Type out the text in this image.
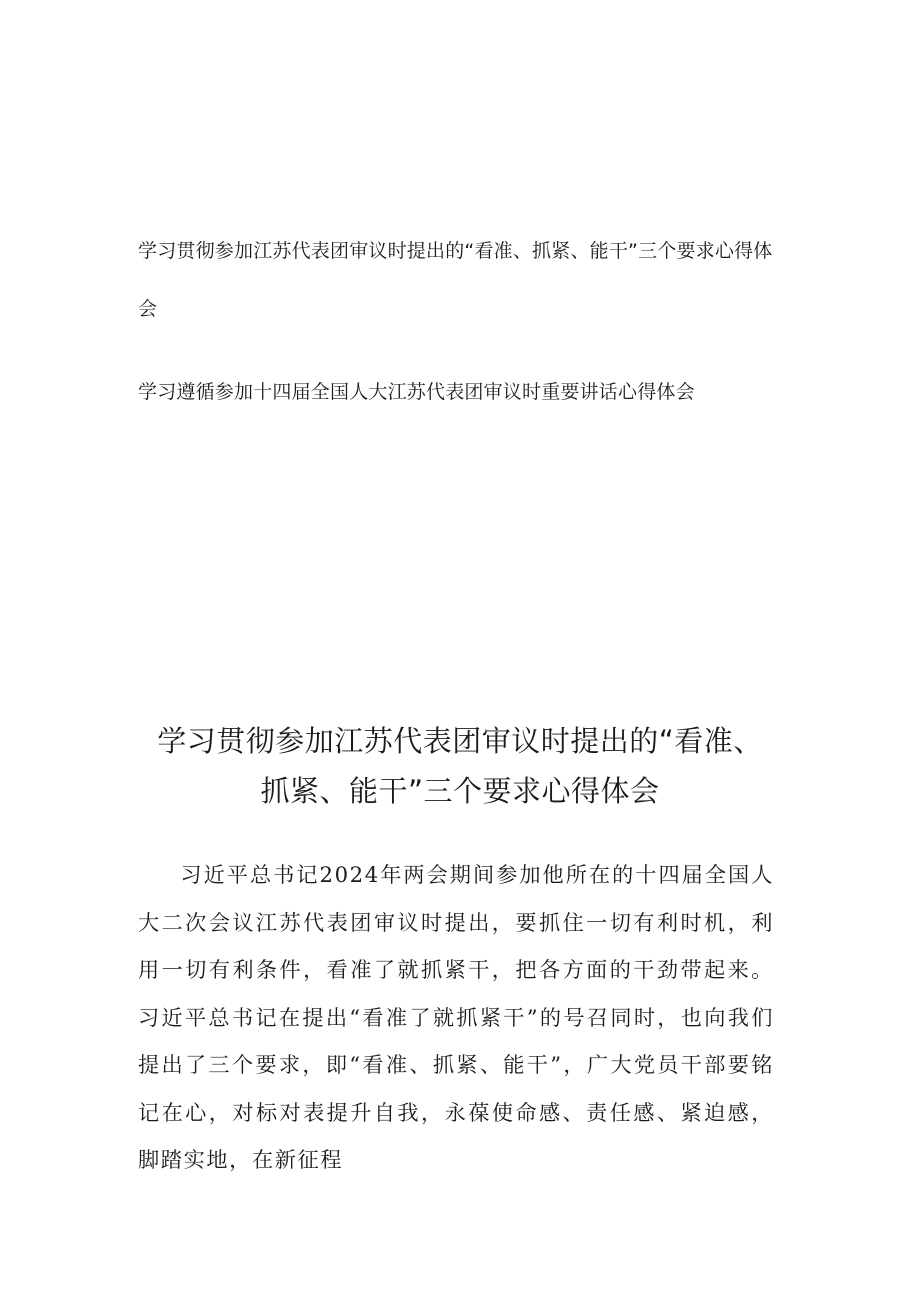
学习贯彻参加江苏代表团审议时提出的“看准、抓紧、能干”三个要求心得体会
学习遵循参加十四届全国人大江苏代表团审议时重要讲话心得体会
学习贯彻参加江苏代表团审议时提出的“看准、
抓紧、能干”三个要求心得体会

习近平总书记2024年两会期间参加他所在的十四届全国人大二次会议江苏代表团审议时提出，要抓住一切有利时机，利用一切有利条件，看准了就抓紧干，把各方面的干劲带起来。习近平总书记在提出“看准了就抓紧干”的号召同时，也向我们提出了三个要求，即“看准、抓紧、能干”，广大党员干部要铭记在心，对标对表提升自我，永葆使命感、责任感、紧迫感，脚踏实地，在新征程
